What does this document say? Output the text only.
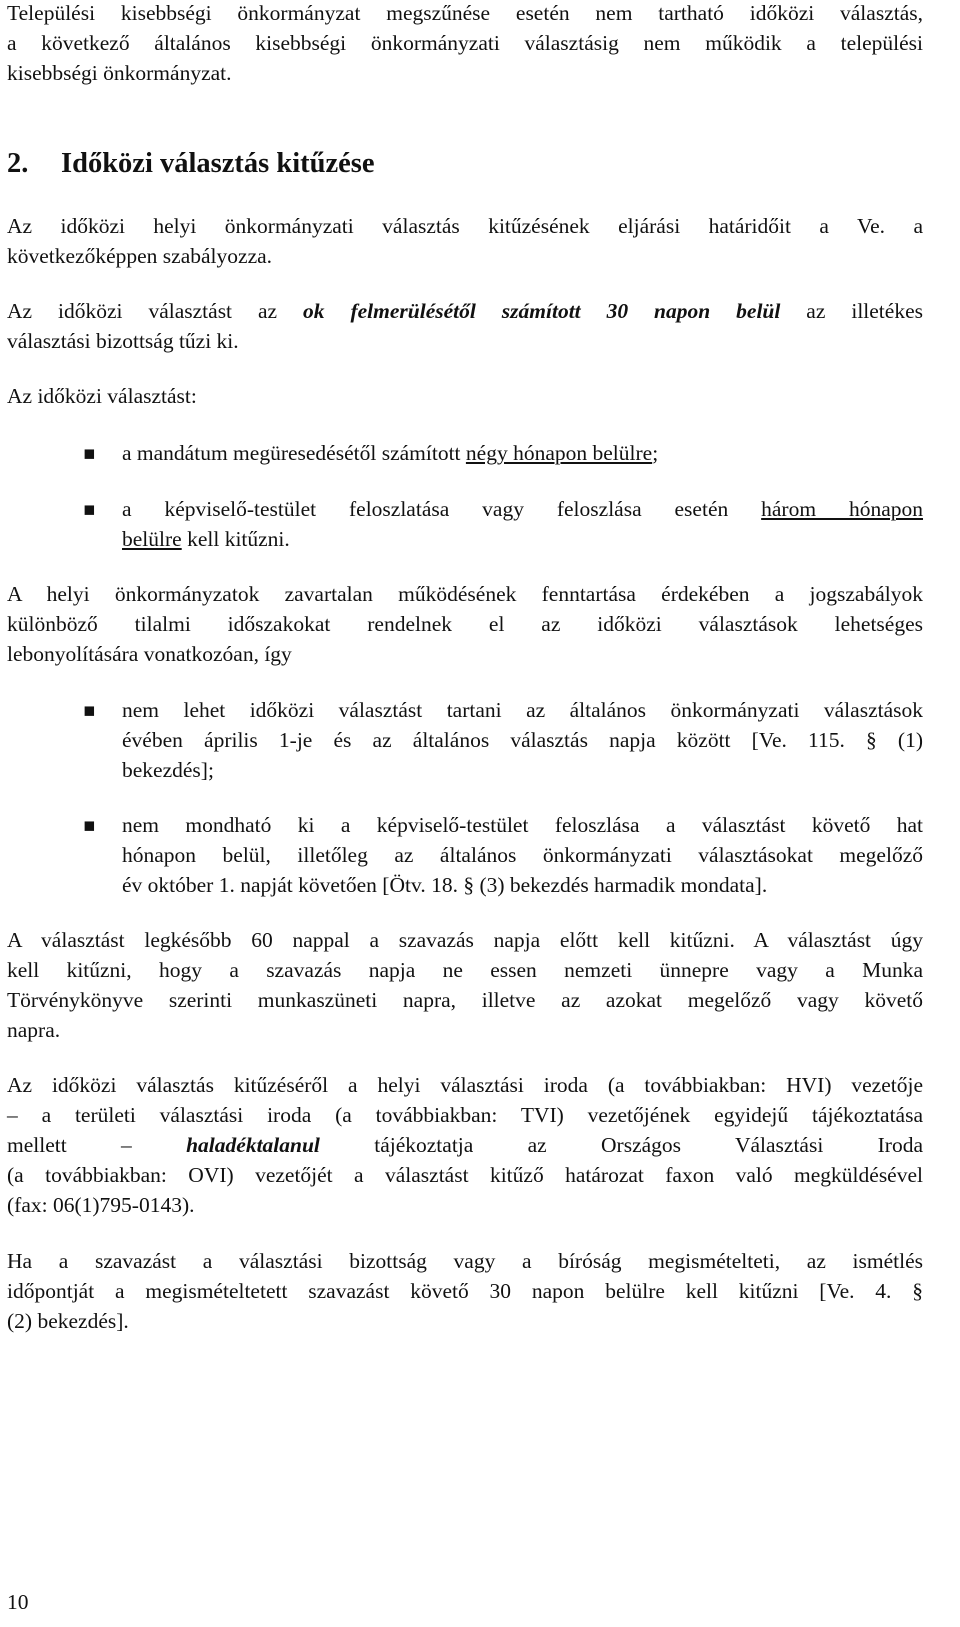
Települési kisebbségi önkormányzat megszűnése esetén nem tartható időközi választás,

a következő általános kisebbségi önkormányzati választásig nem működik a települési

kisebbségi önkormányzat.

2. Időközi választás kitűzése

Az időközi helyi önkormányzati választás kitűzésének eljárási határidőit a Ve. a

következőképpen szabályozza.

Az időközi választást az ok felmerülésétől számított 30 napon belül az illetékes

választási bizottság tűzi ki.

Az időközi választást:

▪	a mandátum megüresedésétől számított négy hónapon belülre;

▪	a képviselő-testület feloszlatása vagy feloszlása esetén három hónapon

belülre kell kitűzni.

A helyi önkormányzatok zavartalan működésének fenntartása érdekében a jogszabályok

különböző tilalmi időszakokat rendelnek el az időközi választások lehetséges

lebonyolítására vonatkozóan, így

▪	nem lehet időközi választást tartani az általános önkormányzati választások

évében április 1-je és az általános választás napja között [Ve. 115. § (1)

bekezdés];

▪	nem mondható ki a képviselő-testület feloszlása a választást követő hat

hónapon belül, illetőleg az általános önkormányzati választásokat megelőző

év október 1. napját követően [Ötv. 18. § (3) bekezdés harmadik mondata].

A választást legkésőbb 60 nappal a szavazás napja előtt kell kitűzni. A választást úgy

kell kitűzni, hogy a szavazás napja ne essen nemzeti ünnepre vagy a Munka

Törvénykönyve szerinti munkaszüneti napra, illetve az azokat megelőző vagy követő

napra.

Az időközi választás kitűzéséről a helyi választási iroda (a továbbiakban: HVI) vezetője

– a területi választási iroda (a továbbiakban: TVI) vezetőjének egyidejű tájékoztatása

mellett – haladéktalanul tájékoztatja az Országos Választási Iroda

(a továbbiakban: OVI) vezetőjét a választást kitűző határozat faxon való megküldésével

(fax: 06(1)795-0143).

Ha a szavazást a választási bizottság vagy a bíróság megismételteti, az ismétlés

időpontját a megismételtetett szavazást követő 30 napon belülre kell kitűzni [Ve. 4. §

(2) bekezdés].

10
